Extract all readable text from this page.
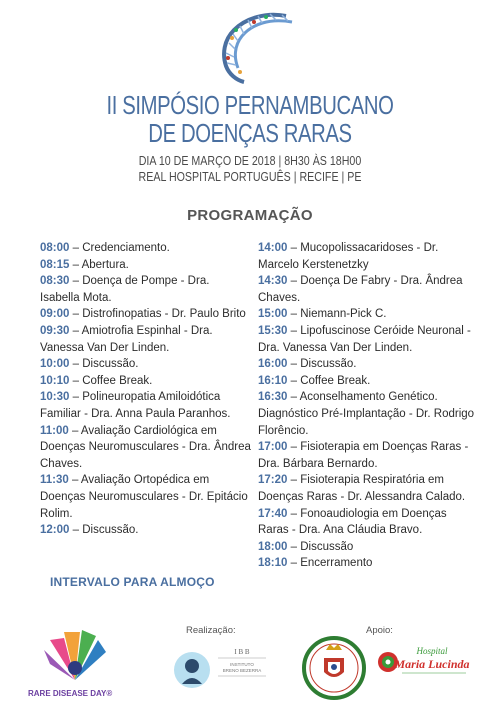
II SIMPÓSIO PERNAMBUCANO
DE DOENÇAS RARAS
DIA 10 DE MARÇO DE 2018 | 8H30 ÀS 18H00
REAL HOSPITAL PORTUGUÊS | RECIFE | PE
PROGRAMAÇÃO

08:00 – Credenciamento.

08:15 – Abertura.

08:30 – Doença de Pompe - Dra. Isabella Mota.

09:00 – Distrofinopatias - Dr. Paulo Brito

09:30 – Amiotrofia Espinhal - Dra. Vanessa Van Der Linden.

10:00 – Discussão.

10:10 – Coffee Break.

10:30 – Polineuropatia Amiloidótica Familiar - Dra. Anna Paula Paranhos.

11:00 – Avaliação Cardiológica em Doenças Neuromusculares - Dra. Ândrea Chaves.

11:30 – Avaliação Ortopédica em Doenças Neuromusculares - Dr. Epitácio Rolim.

12:00 – Discussão.

14:00 – Mucopolissacaridoses - Dr. Marcelo Kerstenetzky

14:30 – Doença De Fabry - Dra. Ândrea Chaves.

15:00 – Niemann-Pick C.

15:30 – Lipofuscinose Ceróide Neuronal - Dra. Vanessa Van Der Linden.

16:00 – Discussão.

16:10 – Coffee Break.

16:30 – Aconselhamento Genético. Diagnóstico Pré-Implantação - Dr. Rodrigo Florêncio.

17:00 – Fisioterapia em Doenças Raras - Dra. Bárbara Bernardo.

17:20 – Fisioterapia Respiratória em Doenças Raras - Dr. Alessandra Calado.

17:40 – Fonoaudiologia em Doenças Raras - Dra. Ana Cláudia Bravo.

18:00 – Discussão

18:10 – Encerramento

INTERVALO PARA ALMOÇO
Realização:	Apoio:
RARE DISEASE DAY®
I B B
INSTITUTO
BRENO BEZERRA
Hospital
Maria Lucinda
